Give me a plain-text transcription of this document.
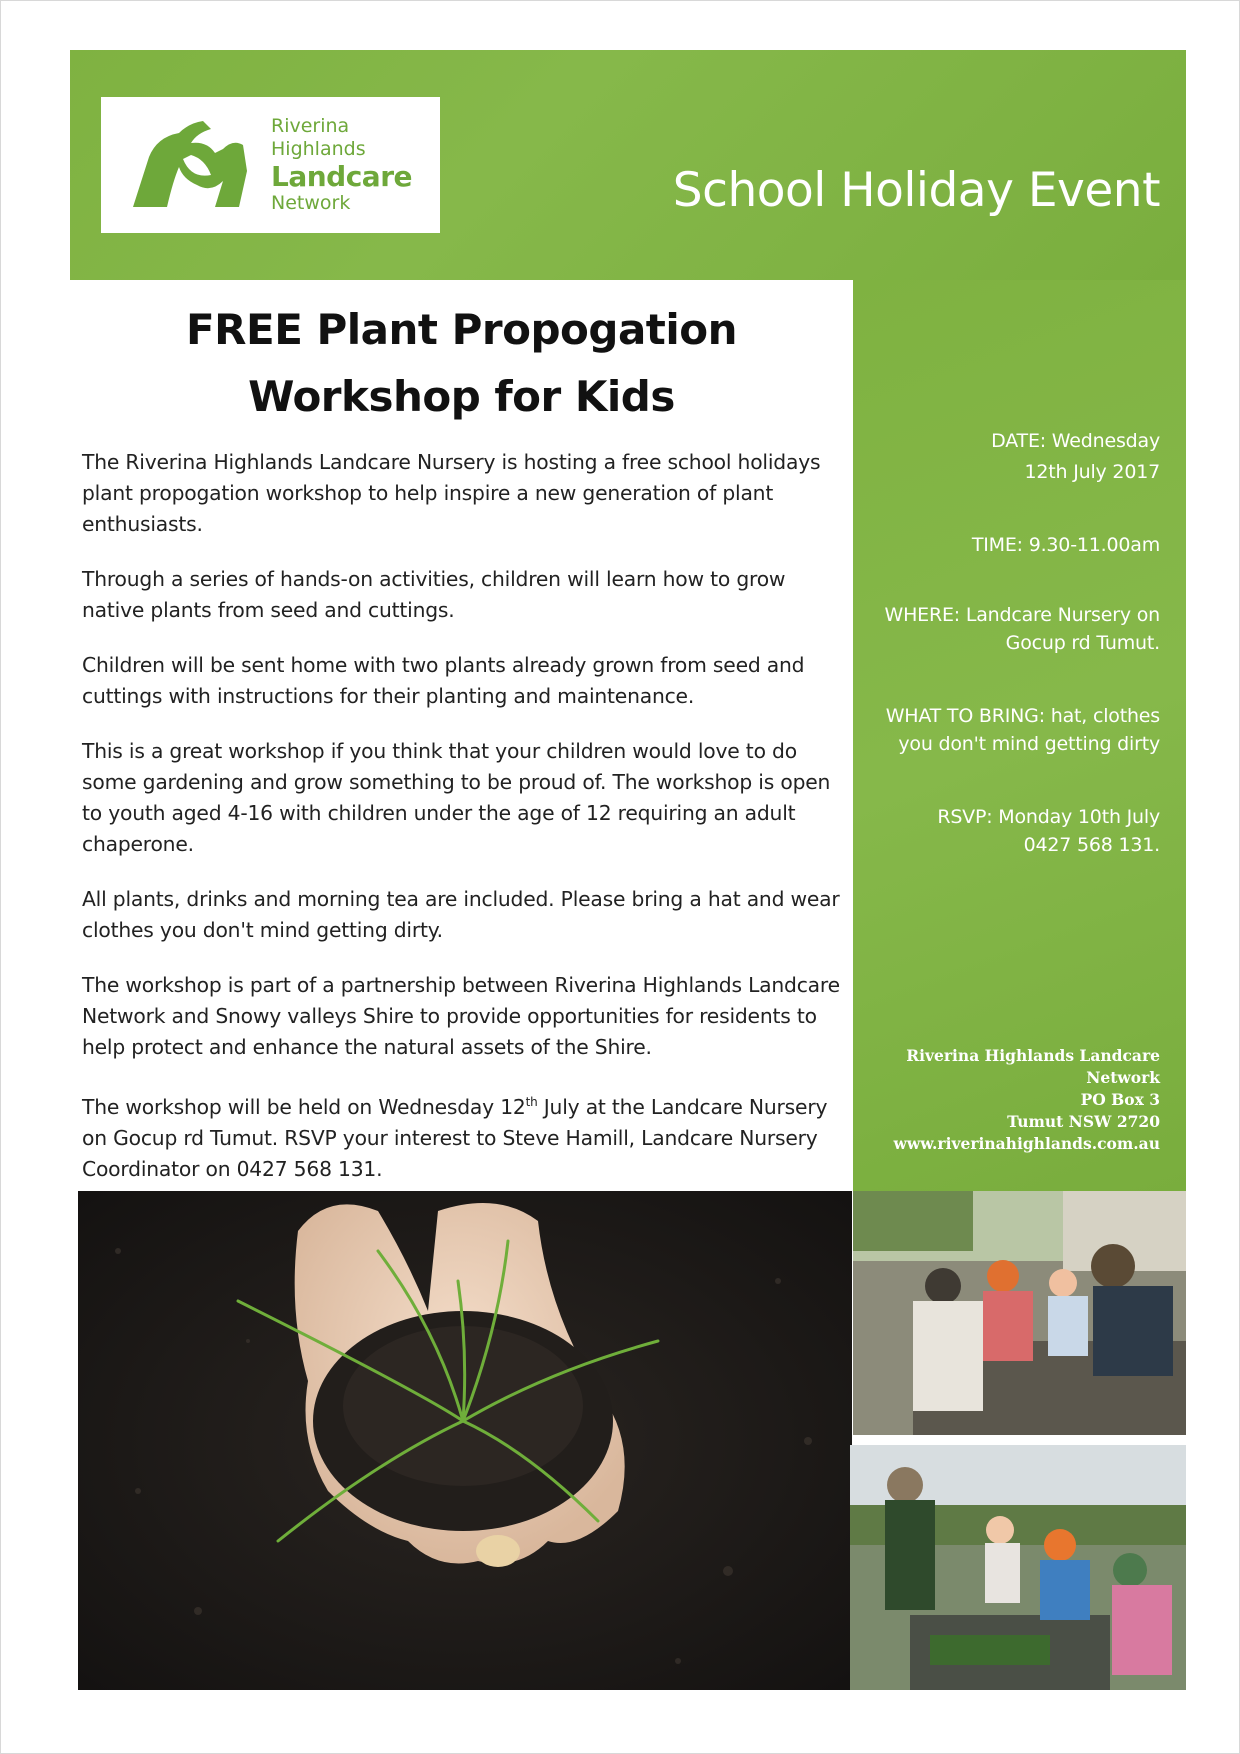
Riverina
Highlands
Landcare
Network	School Holiday Event
FREE Plant Propogation
Workshop for Kids

The Riverina Highlands Landcare Nursery is hosting a free school holidays plant propogation workshop to help inspire a new generation of plant enthusiasts.

Through a series of hands-on activities, children will learn how to grow native plants from seed and cuttings.

Children will be sent home with two plants already grown from seed and cuttings with instructions for their planting and maintenance.

This is a great workshop if you think that your children would love to do some gardening and grow something to be proud of. The workshop is open to youth aged 4-16 with children under the age of 12 requiring an adult chaperone.

All plants, drinks and morning tea are included. Please bring a hat and wear clothes you don't mind getting dirty.

The workshop is part of a partnership between Riverina Highlands Landcare Network and Snowy valleys Shire to provide opportunities for residents to help protect and enhance the natural assets of the Shire.

The workshop will be held on Wednesday 12th July at the Landcare Nursery on Gocup rd Tumut. RSVP your interest to Steve Hamill, Landcare Nursery Coordinator on 0427 568 131.

DATE: Wednesday
12th July 2017
TIME: 9.30-11.00am
WHERE: Landcare Nursery on
Gocup rd Tumut.
WHAT TO BRING: hat, clothes
you don't mind getting dirty
RSVP: Monday 10th July
0427 568 131.
Riverina Highlands Landcare
Network
PO Box 3
Tumut NSW 2720
www.riverinahighlands.com.au
